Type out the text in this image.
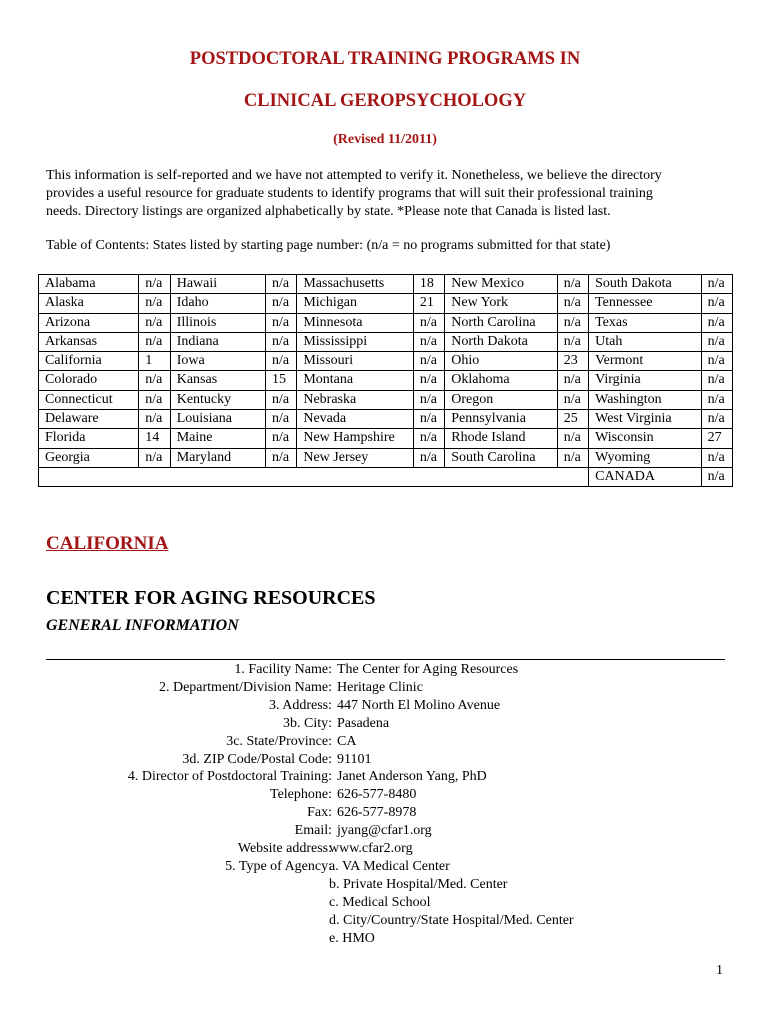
POSTDOCTORAL TRAINING PROGRAMS IN
CLINICAL GEROPSYCHOLOGY
(Revised 11/2011)
This information is self-reported and we have not attempted to verify it. Nonetheless, we believe the directory
provides a useful resource for graduate students to identify programs that will suit their professional training
needs. Directory listings are organized alphabetically by state. *Please note that Canada is listed last.
Table of Contents: States listed by starting page number: (n/a = no programs submitted for that state)
Alabama	n/a	Hawaii	n/a	Massachusetts	18	New Mexico	n/a	South Dakota	n/a
Alaska	n/a	Idaho	n/a	Michigan	21	New York	n/a	Tennessee	n/a
Arizona	n/a	Illinois	n/a	Minnesota	n/a	North Carolina	n/a	Texas	n/a
Arkansas	n/a	Indiana	n/a	Mississippi	n/a	North Dakota	n/a	Utah	n/a
California	1	Iowa	n/a	Missouri	n/a	Ohio	23	Vermont	n/a
Colorado	n/a	Kansas	15	Montana	n/a	Oklahoma	n/a	Virginia	n/a
Connecticut	n/a	Kentucky	n/a	Nebraska	n/a	Oregon	n/a	Washington	n/a
Delaware	n/a	Louisiana	n/a	Nevada	n/a	Pennsylvania	25	West Virginia	n/a
Florida	14	Maine	n/a	New Hampshire	n/a	Rhode Island	n/a	Wisconsin	27
Georgia	n/a	Maryland	n/a	New Jersey	n/a	South Carolina	n/a	Wyoming	n/a
								CANADA	n/a
CALIFORNIA
CENTER FOR AGING RESOURCES
GENERAL INFORMATION
1. Facility Name: The Center for Aging Resources
2. Department/Division Name: Heritage Clinic
3. Address: 447 North El Molino Avenue
3b. City: Pasadena
3c. State/Province: CA
3d. ZIP Code/Postal Code: 91101
4. Director of Postdoctoral Training: Janet Anderson Yang, PhD
Telephone: 626-577-8480
Fax: 626-577-8978
Email: jyang@cfar1.org
Website address:
www.cfar2.org
5. Type of Agency:
a. VA Medical Center
b. Private Hospital/Med. Center
c. Medical School
d. City/Country/State Hospital/Med. Center
e. HMO
1
